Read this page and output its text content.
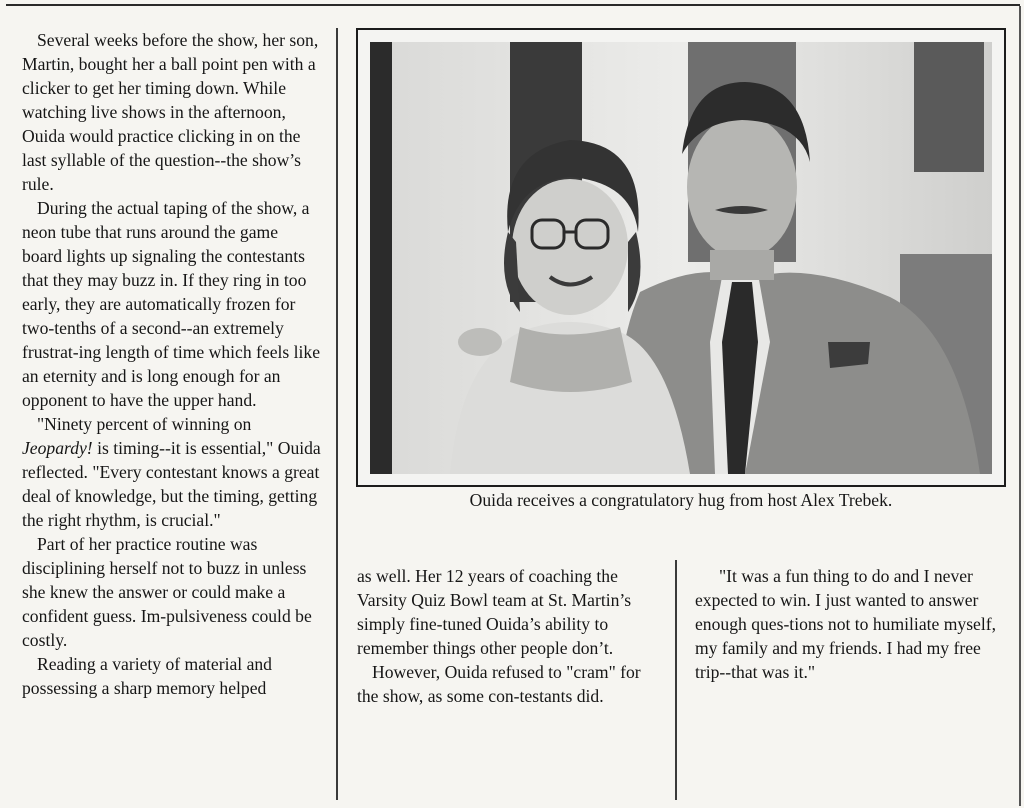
Several weeks before the show, her son, Martin, bought her a ball point pen with a clicker to get her timing down. While watching live shows in the afternoon, Ouida would practice clicking in on the last syllable of the question--the show’s rule.

During the actual taping of the show, a neon tube that runs around the game board lights up signaling the contestants that they may buzz in. If they ring in too early, they are automatically frozen for two-tenths of a second--an extremely frustrat-ing length of time which feels like an eternity and is long enough for an opponent to have the upper hand.

"Ninety percent of winning on Jeopardy! is timing--it is essential," Ouida reflected. "Every contestant knows a great deal of knowledge, but the timing, getting the right rhythm, is crucial."

Part of her practice routine was disciplining herself not to buzz in unless she knew the answer or could make a confident guess. Im-pulsiveness could be costly.

Reading a variety of material and possessing a sharp memory helped

Ouida receives a congratulatory hug from host Alex Trebek.

as well. Her 12 years of coaching the Varsity Quiz Bowl team at St. Martin’s simply fine-tuned Ouida’s ability to remember things other people don’t.

However, Ouida refused to "cram" for the show, as some con-testants did.

"It was a fun thing to do and I never expected to win. I just wanted to answer enough ques-tions not to humiliate myself, my family and my friends. I had my free trip--that was it."
